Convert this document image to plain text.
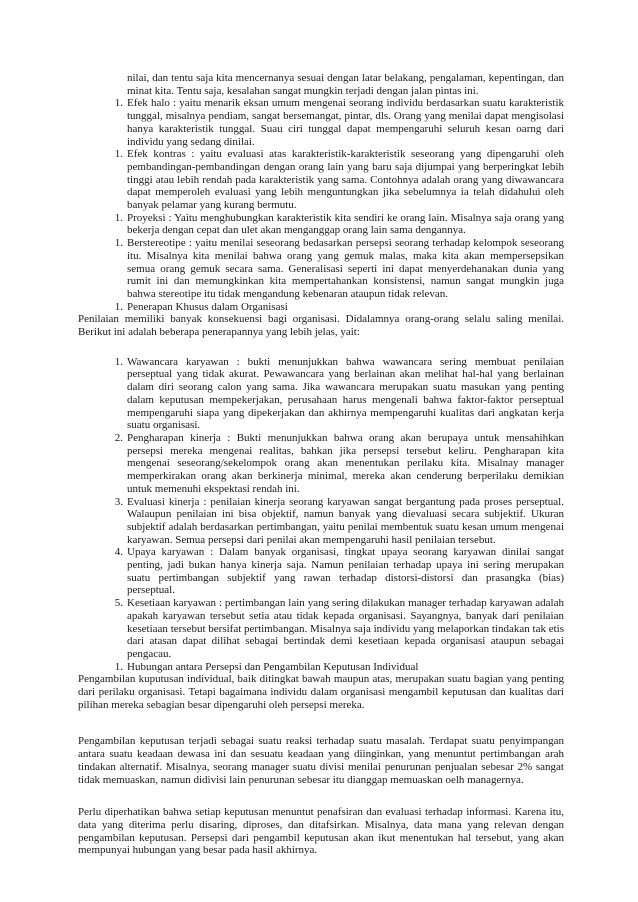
nilai, dan tentu saja kita mencernanya sesuai dengan latar belakang, pengalaman, kepentingan, dan minat kita. Tentu saja, kesalahan sangat mungkin terjadi dengan jalan pintas ini.

1. Efek halo : yaitu menarik eksan umum mengenai seorang individu berdasarkan suatu karakteristik tunggal, misalnya pendiam, sangat bersemangat, pintar, dls. Orang yang menilai dapat mengisolasi hanya karakteristik tunggal. Suau ciri tunggal dapat mempengaruhi seluruh kesan oarng dari individu yang sedang dinilai.
1. Efek kontras : yaitu evaluasi atas karakteristik-karakteristik seseorang yang dipengaruhi oleh pembandingan-pembandingan dengan orang lain yang baru saja dijumpai yang berperingkat lebih tinggi atau lebih rendah pada karakteristik yang sama. Contohnya adalah orang yang diwawancara dapat memperoleh evaluasi yang lebih menguntungkan jika sebelumnya ia telah didahului oleh banyak pelamar yang kurang bermutu.
1. Proyeksi : Yaitu menghubungkan karakteristik kita sendiri ke orang lain. Misalnya saja orang yang bekerja dengan cepat dan ulet akan menganggap orang lain sama dengannya.
1. Berstereotipe : yaitu menilai seseorang bedasarkan persepsi seorang terhadap kelompok seseorang itu. Misalnya kita menilai bahwa orang yang gemuk malas, maka kita akan mempersepsikan semua orang gemuk secara sama. Generalisasi seperti ini dapat menyerdehanakan dunia yang rumit ini dan memungkinkan kita mempertahankan konsistensi, namun sangat mungkin juga bahwa stereotipe itu tidak mengandung kebenaran ataupun tidak relevan.
1. Penerapan Khusus dalam Organisasi

Penilaian memiliki banyak konsekuensi bagi organisasi. Didalamnya orang-orang selalu saling menilai. Berikut ini adalah beberapa penerapannya yang lebih jelas, yait:

1. Wawancara karyawan : bukti menunjukkan bahwa wawancara sering membuat penilaian perseptual yang tidak akurat. Pewawancara yang berlainan akan melihat hal-hal yang berlainan dalam diri seorang calon yang sama. Jika wawancara merupakan suatu masukan yang penting dalam keputusan mempekerjakan, perusahaan harus mengenali bahwa faktor-faktor perseptual mempengaruhi siapa yang dipekerjakan dan akhirnya mempengaruhi kualitas dari angkatan kerja suatu organisasi.
2. Pengharapan kinerja : Bukti menunjukkan bahwa orang akan berupaya untuk mensahihkan persepsi mereka mengenai realitas, bahkan jika persepsi tersebut keliru. Pengharapan kita mengenai seseorang/sekelompok orang akan menentukan perilaku kita. Misalnay manager memperkirakan orang akan berkinerja minimal, mereka akan cenderung berperilaku demikian untuk memenuhi ekspektasi rendah ini.
3. Evaluasi kinerja : penilaian kinerja seorang karyawan sangat bergantung pada proses perseptual. Walaupun penilaian ini bisa objektif, namun banyak yang dievaluasi secara subjektif. Ukuran subjektif adalah berdasarkan pertimbangan, yaitu penilai membentuk suatu kesan umum mengenai karyawan. Semua persepsi dari penilai akan mempengaruhi hasil penilaian tersebut.
4. Upaya karyawan : Dalam banyak organisasi, tingkat upaya seorang karyawan dinilai sangat penting, jadi bukan hanya kinerja saja. Namun penilaian terhadap upaya ini sering merupakan suatu pertimbangan subjektif yang rawan terhadap distorsi-distorsi dan prasangka (bias) perseptual.
5. Kesetiaan karyawan : pertimbangan lain yang sering dilakukan manager terhadap karyawan adalah apakah karyawan tersebut setia atau tidak kepada organisasi. Sayangnya, banyak dari penilaian kesetiaan tersebut bersifat pertimbangan. Misalnya saja individu yang melaporkan tindakan tak etis dari atasan dapat dilihat sebagai bertindak demi kesetiaan kepada organisasi ataupun sebagai pengacau.
1. Hubungan antara Persepsi dan Pengambilan Keputusan Individual

Pengambilan kuputusan individual, baik ditingkat bawah maupun atas, merupakan suatu bagian yang penting dari perilaku organisasi. Tetapi bagaimana individu dalam organisasi mengambil keputusan dan kualitas dari pilihan mereka sebagian besar dipengaruhi oleh persepsi mereka.

Pengambilan keputusan terjadi sebagai suatu reaksi terhadap suatu masalah. Terdapat suatu penyimpangan antara suatu keadaan dewasa ini dan sesuatu keadaan yang diinginkan, yang menuntut pertimbangan arah tindakan alternatif. Misalnya, seorang manager suatu divisi menilai penurunan penjualan sebesar 2% sangat tidak memuaskan, namun didivisi lain penurunan sebesar itu dianggap memuaskan oelh managernya.

Perlu diperhatikan bahwa setiap keputusan menuntut penafsiran dan evaluasi terhadap informasi. Karena itu, data yang diterima perlu disaring, diproses, dan ditafsirkan. Misalnya, data mana yang relevan dengan pengambilan keputusan. Persepsi dari pengambil keputusan akan ikut menentukan hal tersebut, yang akan mempunyai hubungan yang besar pada hasil akhirnya.
